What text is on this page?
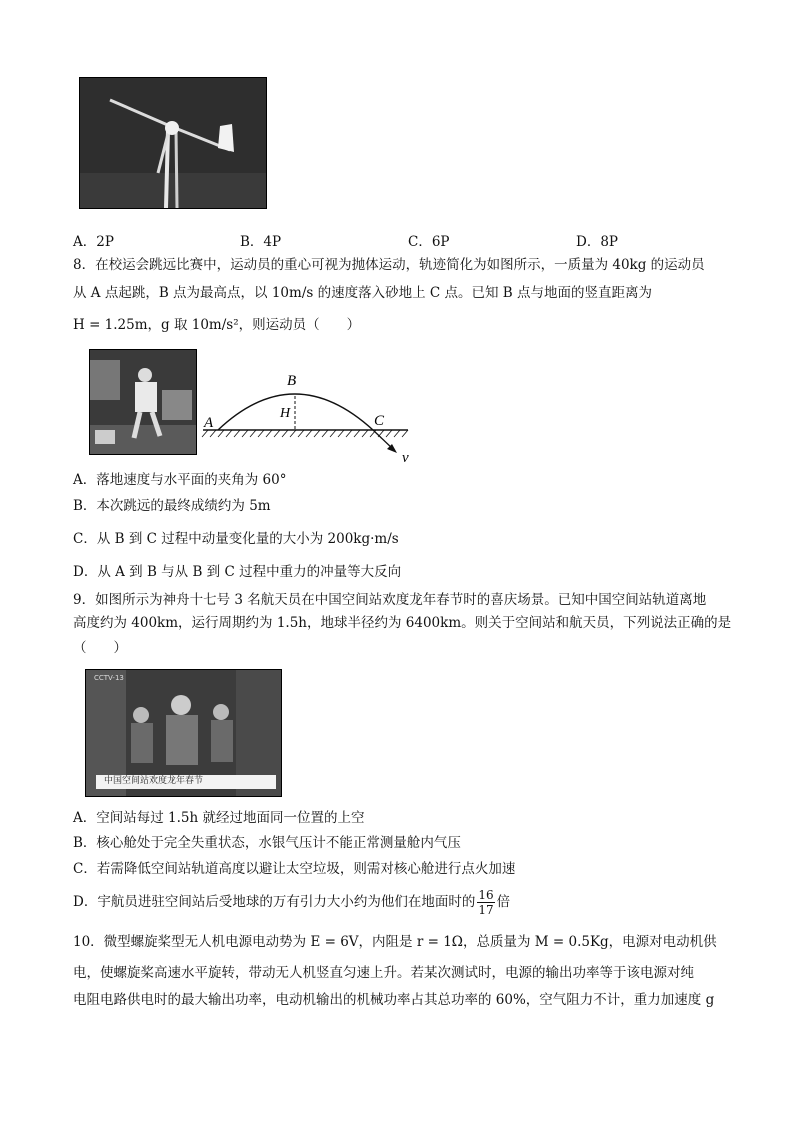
A．2P	B．4P	C．6P	D．8P
8．在校运会跳远比赛中，运动员的重心可视为抛体运动，轨迹简化为如图所示，一质量为 40kg 的运动员
从 A 点起跳，B 点为最高点，以 10m/s 的速度落入砂地上 C 点。已知 B 点与地面的竖直距离为
H = 1.25m，g 取 10m/s²，则运动员（　　）
A
B
H	C
v
A．落地速度与水平面的夹角为 60°
B．本次跳远的最终成绩约为 5m
C．从 B 到 C 过程中动量变化量的大小为 200kg·m/s
D．从 A 到 B 与从 B 到 C 过程中重力的冲量等大反向
9．如图所示为神舟十七号 3 名航天员在中国空间站欢度龙年春节时的喜庆场景。已知中国空间站轨道离地
高度约为 400km，运行周期约为 1.5h，地球半径约为 6400km。则关于空间站和航天员，下列说法正确的是
（　　）
CCTV-13
中国空间站欢度龙年春节
A．空间站每过 1.5h 就经过地面同一位置的上空
B．核心舱处于完全失重状态，水银气压计不能正常测量舱内气压
C．若需降低空间站轨道高度以避让太空垃圾，则需对核心舱进行点火加速
D．宇航员进驻空间站后受地球的万有引力大小约为他们在地面时的 $\frac{16}{17}$ 倍
10．微型螺旋桨型无人机电源电动势为 E = 6V，内阻是 r = 1Ω，总质量为 M = 0.5Kg，电源对电动机供
电，使螺旋桨高速水平旋转，带动无人机竖直匀速上升。若某次测试时，电源的输出功率等于该电源对纯
电阻电路供电时的最大输出功率，电动机输出的机械功率占其总功率的 60%，空气阻力不计，重力加速度 g
